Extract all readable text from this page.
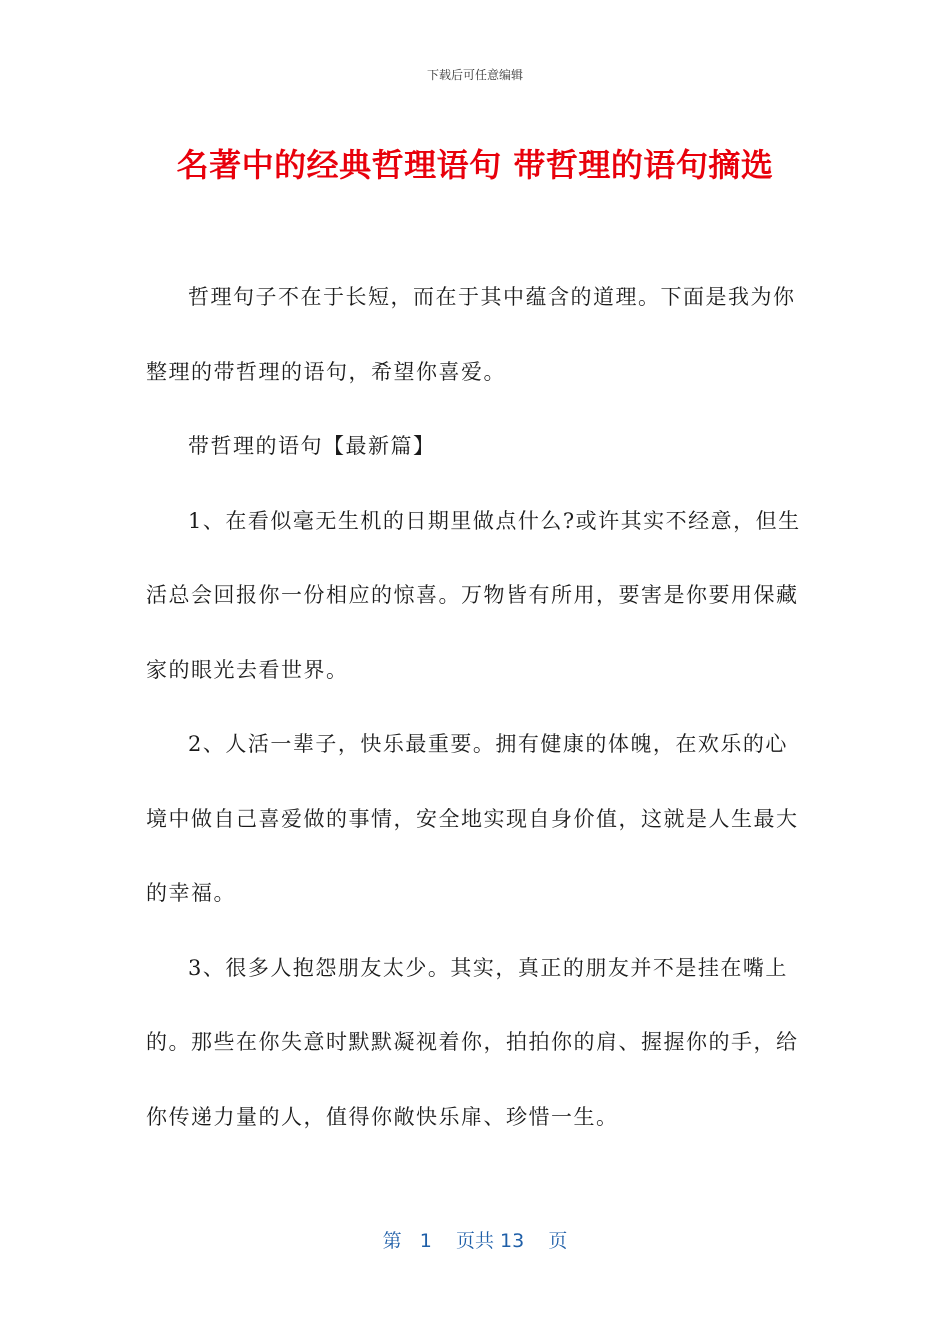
下载后可任意编辑
名著中的经典哲理语句 带哲理的语句摘选

哲理句子不在于长短，而在于其中蕴含的道理。下面是我为你整理的带哲理的语句，希望你喜爱。

带哲理的语句【最新篇】

1、在看似毫无生机的日期里做点什么?或许其实不经意，但生活总会回报你一份相应的惊喜。万物皆有所用，要害是你要用保藏家的眼光去看世界。

2、人活一辈子，快乐最重要。拥有健康的体魄，在欢乐的心境中做自己喜爱做的事情，安全地实现自身价值，这就是人生最大的幸福。

3、很多人抱怨朋友太少。其实，真正的朋友并不是挂在嘴上的。那些在你失意时默默凝视着你，拍拍你的肩、握握你的手，给你传递力量的人，值得你敞快乐扉、珍惜一生。

第 1 页共 13 页
